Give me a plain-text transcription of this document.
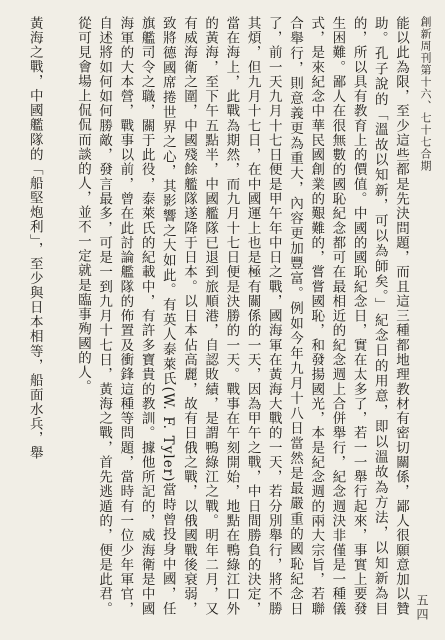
創新周刊第十六、七十七合期

能以此為限，至少這些都是先決問題，而且這三種都地理教材有密切關係，鄙人很願意加以贊助。孔子說的「溫故以知新，可以為師矣。」紀念日的用意，即以溫故為方法，以知新為目的，所以具有教育上的價值。中國的國恥紀念日，實在太多了，若一一舉行起來，事實上要發生困難。鄙人在很無數的國恥紀念都可在最相近的紀念週上合併舉行，紀念週決非僅是一種儀式，是來紀念中華民國創業的艱難的，嘗嘗國恥，和發揚國光，本是紀念週的兩大宗旨，若聯合舉行，則意義更為重大，內容更加豐富。例如今年九月十八日當然是最嚴重的國恥紀念日了，前一天九月十七日便是甲午年中日之戰，國海軍在黃海大戰的一天，若分別舉行，將不勝其煩，但九月十七日，在中國運上也是極有關係的一天，因為甲午之戰，中日間勝負的決定，當在海上，此戰為期然，而九月十七日便是決勝的一天。戰事在午刻開始，地點在鴨綠江口外的黃海，至下午五點半，中國艦隊已退到旅順港，自認敗績，是謂鴨綠江之戰。明年二月，又有威海衛之圍，中國殘餘艦隊遂降于日本。以日本佔高麗，故有日俄之戰，以俄國戰後衰弱，致將德國席捲世界之心，其影響之大如此。有英人泰萊氏(W. F. Tyler)當時曾投身中國，任旗艦司令之職，關于此役，泰萊氏的紀載中，有許多寶貴的教訓。據他所記的，威海衛是中國海軍的大本營，戰事以前，曾在此討論艦隊的佈置及衝鋒這種等問題，當時有一位少年軍官，自述將如何如何勝敵，發言最多，可是一到九月十七日，黃海之戰，首先逃遁的，便是此君。從可見會場上侃侃而談的人，並不一定就是臨事殉國的人。

黃海之戰，中國艦隊的「船堅炮利」，至少與日本相等，船面水兵，舉

五四
